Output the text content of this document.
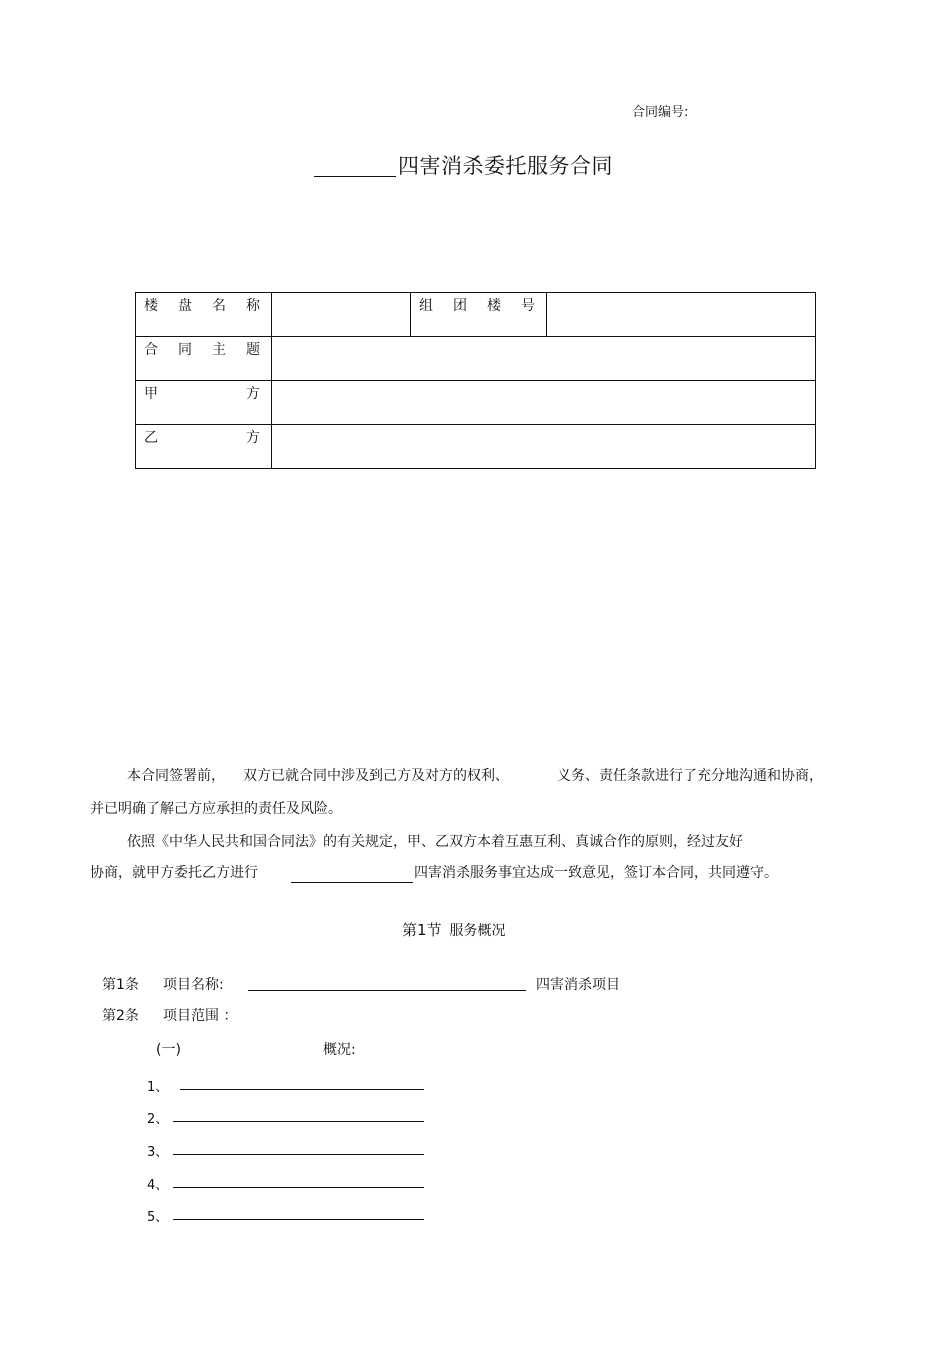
合同编号:
四害消杀委托服务合同
楼 盘 名 称		组 团 楼 号	

合 同 主 题			

甲 方			

乙 方			

本合同签署前， 双方已就合同中涉及到己方及对方的权利、	义务、责任条款进行了充分地沟通和协商，
并已明确了解己方应承担的责任及风险。
依照《中华人民共和国合同法》的有关规定，甲、乙双方本着互惠互利、真诚合作的原则，经过友好
协商，就甲方委托乙方进行	四害消杀服务事宜达成一致意见，签订本合同，共同遵守。
第1节 服务概况
第1条 项目名称:	四害消杀项目
第2条 项目范围 ：
(一)	概况:
1、
2、
3、
4、
5、
